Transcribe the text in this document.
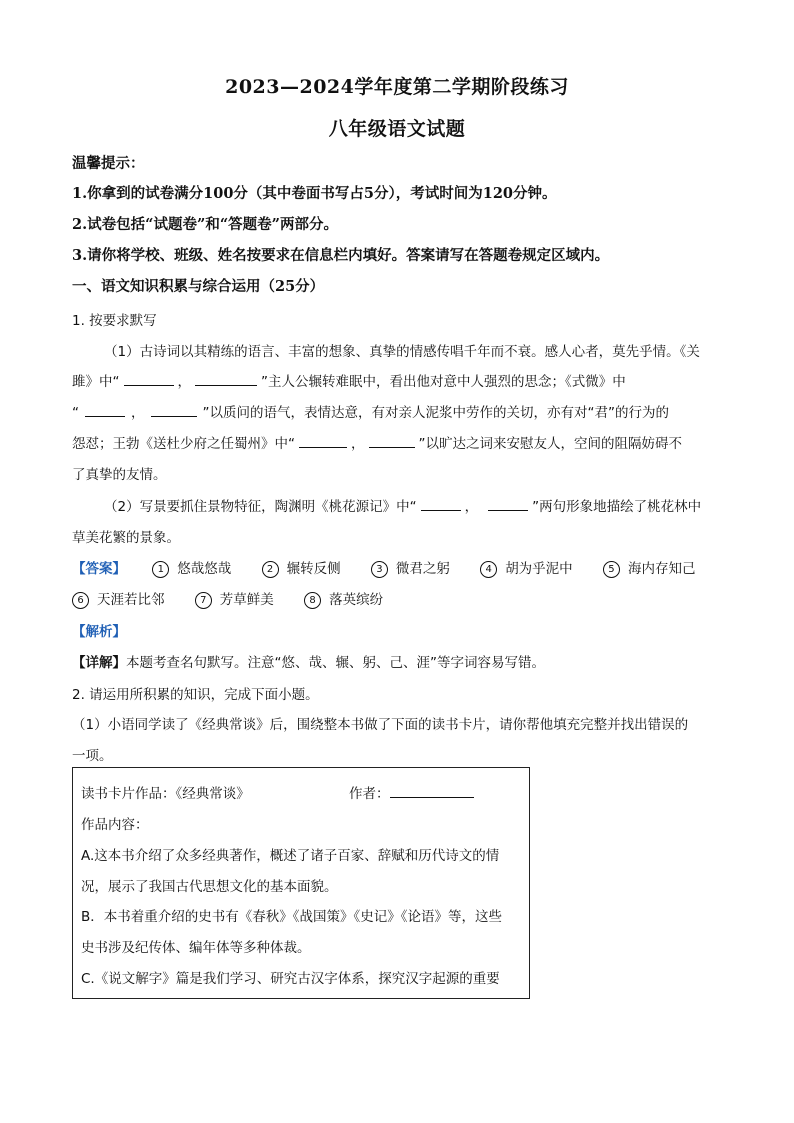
2023—2024学年度第二学期阶段练习
八年级语文试题
温馨提示：
1.你拿到的试卷满分100分（其中卷面书写占5分），考试时间为120分钟。
2.试卷包括“试题卷”和“答题卷”两部分。
3.请你将学校、班级、姓名按要求在信息栏内填好。答案请写在答题卷规定区域内。
一、语文知识积累与综合运用（25分）
1. 按要求默写
（1）古诗词以其精练的语言、丰富的想象、真挚的情感传唱千年而不衰。感人心者，莫先乎情。《关
雎》中“	，	”主人公辗转难眠中，看出他对意中人强烈的思念；《式微》中
“	，	”以质问的语气，表情达意，有对亲人泥浆中劳作的关切，亦有对“君”的行为的
怨怼；王勃《送杜少府之任蜀州》中“	，	”以旷达之词来安慰友人，空间的阻隔妨碍不
了真挚的友情。
（2）写景要抓住景物特征，陶渊明《桃花源记》中“	，	”两句形象地描绘了桃花林中
草美花繁的景象。
【答案】	1 悠哉悠哉	2 辗转反侧	3 微君之躬	4 胡为乎泥中	5 海内存知己
6 天涯若比邻	7 芳草鲜美	8 落英缤纷
【解析】
【详解】本题考查名句默写。注意“悠、哉、辗、躬、己、涯”等字词容易写错。
2. 请运用所积累的知识，完成下面小题。
（1）小语同学读了《经典常谈》后，围绕整本书做了下面的读书卡片，请你帮他填充完整并找出错误的
一项。
读书卡片作品：《经典常谈》	作者：
作品内容：
A.这本书介绍了众多经典著作，概述了诸子百家、辞赋和历代诗文的情
况，展示了我国古代思想文化的基本面貌。
B．本书着重介绍的史书有《春秋》《战国策》《史记》《论语》等，这些
史书涉及纪传体、编年体等多种体裁。
C.《说文解字》篇是我们学习、研究古汉字体系，探究汉字起源的重要
